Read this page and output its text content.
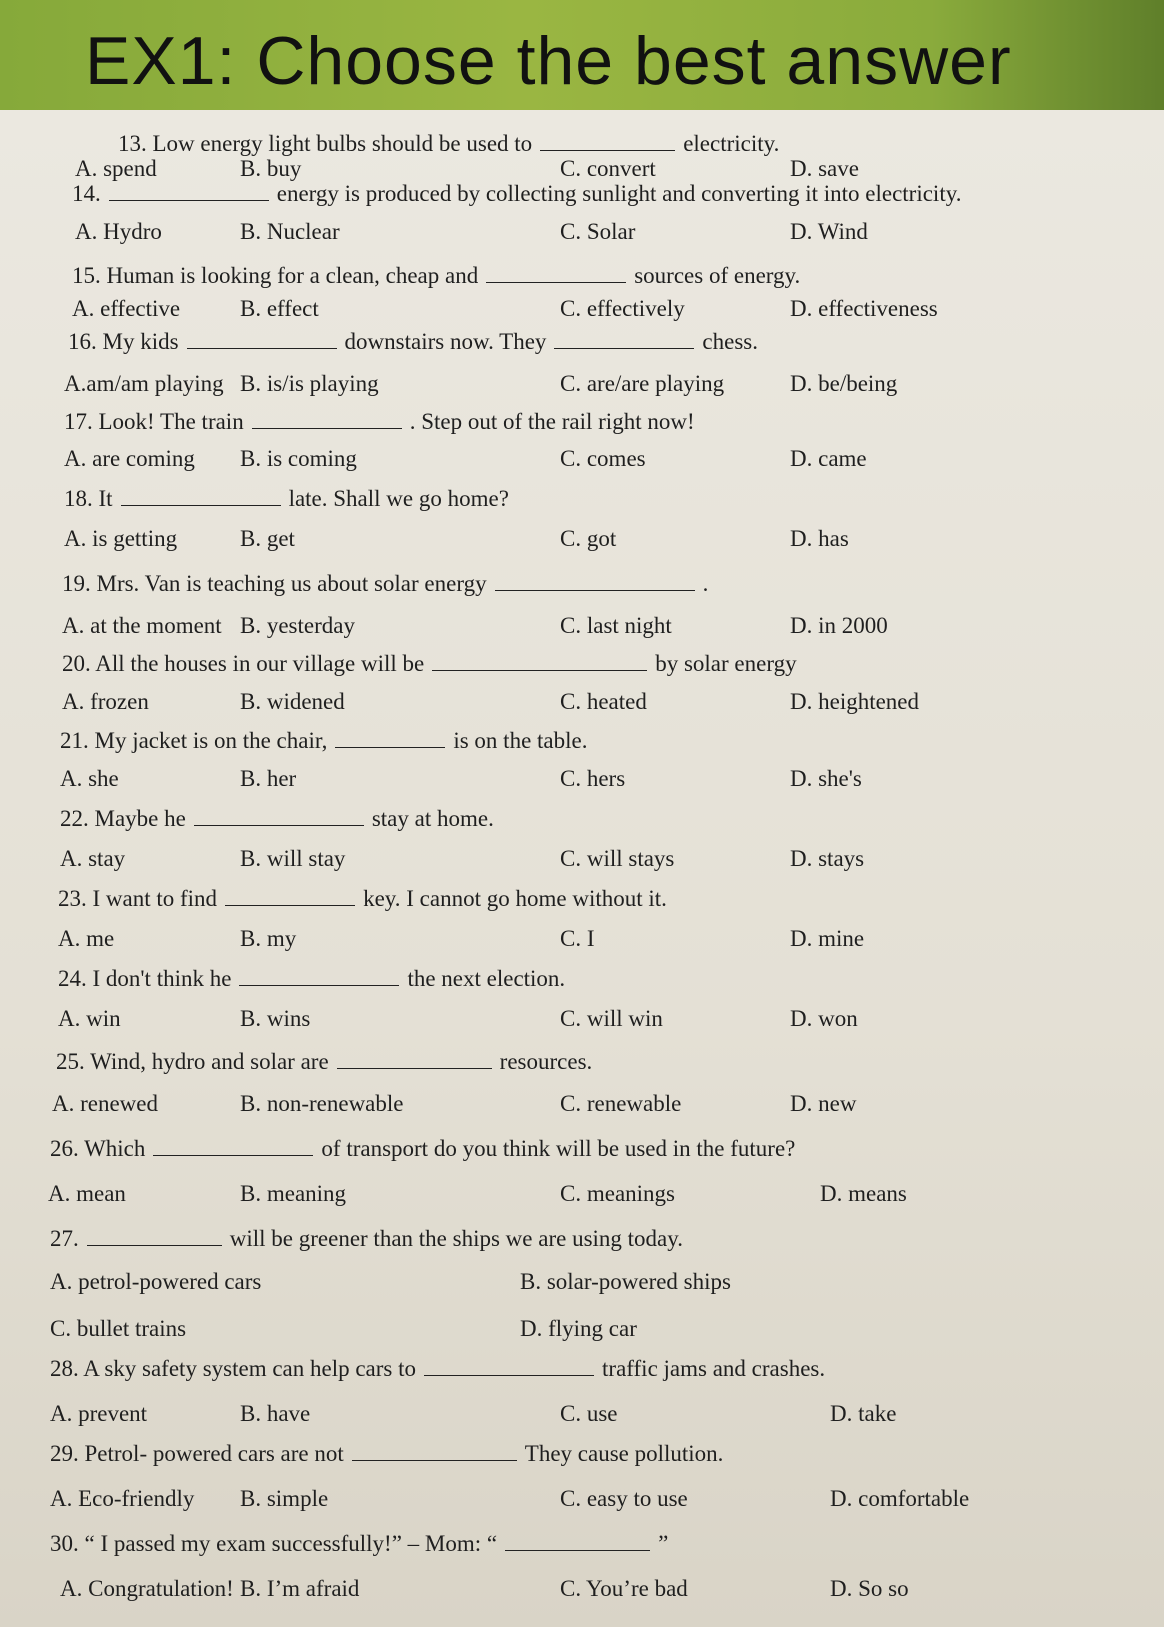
EX1: Choose the best answer
13. Low energy light bulbs should be used to	electricity.
A. spend	B. buy	C. convert	D. save
14.	energy is produced by collecting sunlight and converting it into electricity.
A. Hydro	B. Nuclear	C. Solar	D. Wind
15. Human is looking for a clean, cheap and	sources of energy.
A. effective	B. effect	C. effectively	D. effectiveness
16. My kids	downstairs now. They	chess.
A.am/am playing B. is/is playing	C. are/are playing	D. be/being
17. Look! The train	. Step out of the rail right now!
A. are coming B. is coming	C. comes	D. came
18. It	late. Shall we go home?
A. is getting	B. get	C. got	D. has
19. Mrs. Van is teaching us about solar energy	.
A. at the moment B. yesterday	C. last night	D. in 2000
20. All the houses in our village will be	by solar energy
A. frozen	B. widened	C. heated	D. heightened
21. My jacket is on the chair,	is on the table.
A. she	B. her	C. hers	D. she's
22. Maybe he	stay at home.
A. stay	B. will stay	C. will stays	D. stays
23. I want to find	key. I cannot go home without it.
A. me	B. my	C. I	D. mine
24. I don't think he	the next election.
A. win	B. wins	C. will win	D. won
25. Wind, hydro and solar are	resources.
A. renewed	B. non-renewable	C. renewable	D. new
26. Which	of transport do you think will be used in the future?
A. mean	B. meaning	C. meanings	D. means
27.	will be greener than the ships we are using today.
A. petrol-powered cars	B. solar-powered ships
C. bullet trains	D. flying car
28. A sky safety system can help cars to	traffic jams and crashes.
A. prevent	B. have	C. use	D. take
29. Petrol- powered cars are not	They cause pollution.
A. Eco-friendly B. simple	C. easy to use	D. comfortable
30. “ I passed my exam successfully!” – Mom: “	”
A. Congratulation! B. I’m afraid	C. You’re bad	D. So so
